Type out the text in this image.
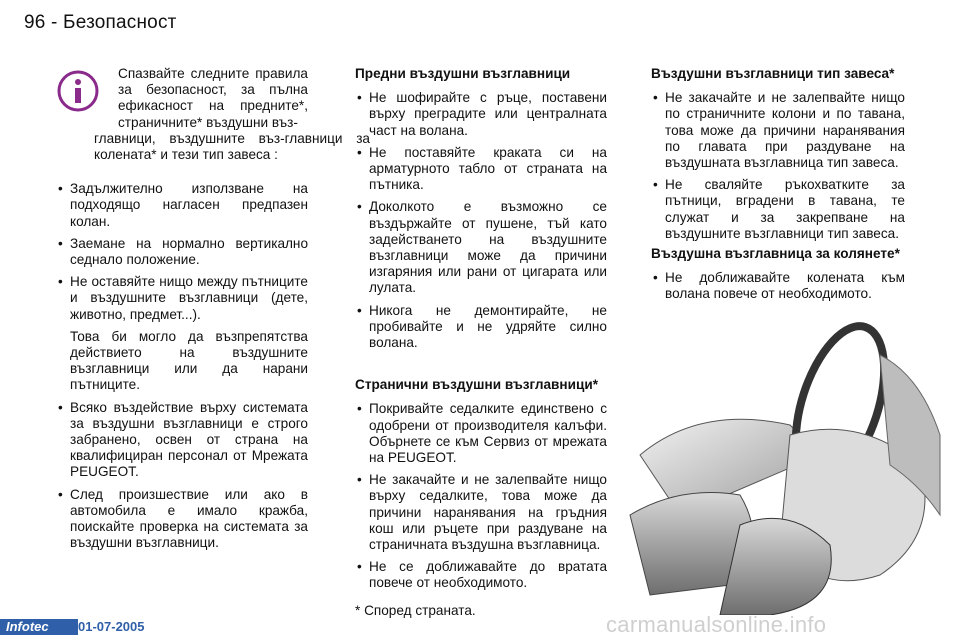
96 - Безопасност

Спазвайте следните правила за безопасност, за пълна ефикасност на предните*, страничните* въздушни въз-

главници, въздушните въз-главници за колената* и тези тип завеса :

• Задължително използване на подходящо нагласен предпазен колан.

• Заемане на нормално вертикално седнало положение.

• Не оставяйте нищо между пътниците и въздушните възглавници (дете, животно, предмет...).

Това би могло да възпрепятства действието на въздушните възглавници или да нарани пътниците.

• Всяко въздействие върху системата за въздушни възглавници е строго забранено, освен от страна на квалифициран персонал от Мрежата PEUGEOT.

• След произшествие или ако в автомобила е имало кражба, поискайте проверка на системата за въздушни възглавници.

Предни въздушни възглавници

• Не шофирайте с ръце, поставени върху преградите или централната част на волана.

• Не поставяйте краката си на арматурното табло от страната на пътника.

• Доколкото е възможно се въздържайте от пушене, тъй като задействането на въздушните възглавници може да причини изгаряния или рани от цигарата или лулата.

• Никога не демонтирайте, не пробивайте и не удряйте силно волана.

Странични въздушни възглавници*

• Покривайте седалките единствено с одобрени от производителя калъфи. Обърнете се към Сервиз от мрежата на PEUGEOT.

• Не закачайте и не залепвайте нищо върху седалките, това може да причини наранявания на гръдния кош или ръцете при раздуване на страничната въздушна възглавница.

• Не се доближавайте до вратата повече от необходимото.

Въздушни възглавници тип завеса*

• Не закачайте и не залепвайте нищо по страничните колони и по тавана, това може да причини наранявания по главата при раздуване на въздушната възглавница тип завеса.

• Не сваляйте ръкохватките за пътници, вградени в тавана, те служат и за закрепване на въздушните възглавници тип завеса.

Въздушна възглавница за колянете*

• Не доближавайте колената към волана повече от необходимото.

* Според страната.
Infotec	01-07-2005	carmanualsonline.info
